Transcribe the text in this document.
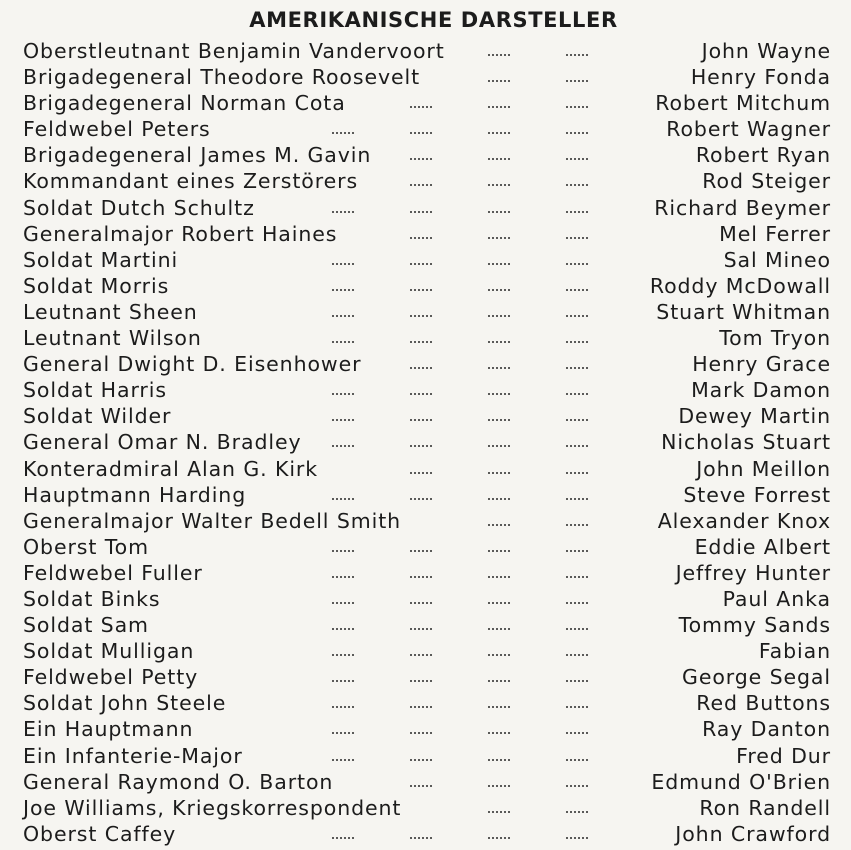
AMERIKANISCHE DARSTELLER
Oberstleutnant Benjamin Vandervoort	John Wayne
Brigadegeneral Theodore Roosevelt	Henry Fonda
Brigadegeneral Norman Cota	Robert Mitchum
Feldwebel Peters	Robert Wagner
Brigadegeneral James M. Gavin	Robert Ryan
Kommandant eines Zerstörers	Rod Steiger
Soldat Dutch Schultz	Richard Beymer
Generalmajor Robert Haines	Mel Ferrer
Soldat Martini	Sal Mineo
Soldat Morris	Roddy McDowall
Leutnant Sheen	Stuart Whitman
Leutnant Wilson	Tom Tryon
General Dwight D. Eisenhower	Henry Grace
Soldat Harris	Mark Damon
Soldat Wilder	Dewey Martin
General Omar N. Bradley	Nicholas Stuart
Konteradmiral Alan G. Kirk	John Meillon
Hauptmann Harding	Steve Forrest
Generalmajor Walter Bedell Smith	Alexander Knox
Oberst Tom	Eddie Albert
Feldwebel Fuller	Jeffrey Hunter
Soldat Binks	Paul Anka
Soldat Sam	Tommy Sands
Soldat Mulligan	Fabian
Feldwebel Petty	George Segal
Soldat John Steele	Red Buttons
Ein Hauptmann	Ray Danton
Ein Infanterie-Major	Fred Dur
General Raymond O. Barton	Edmund O'Brien
Joe Williams, Kriegskorrespondent	Ron Randell
Oberst Caffey	John Crawford
